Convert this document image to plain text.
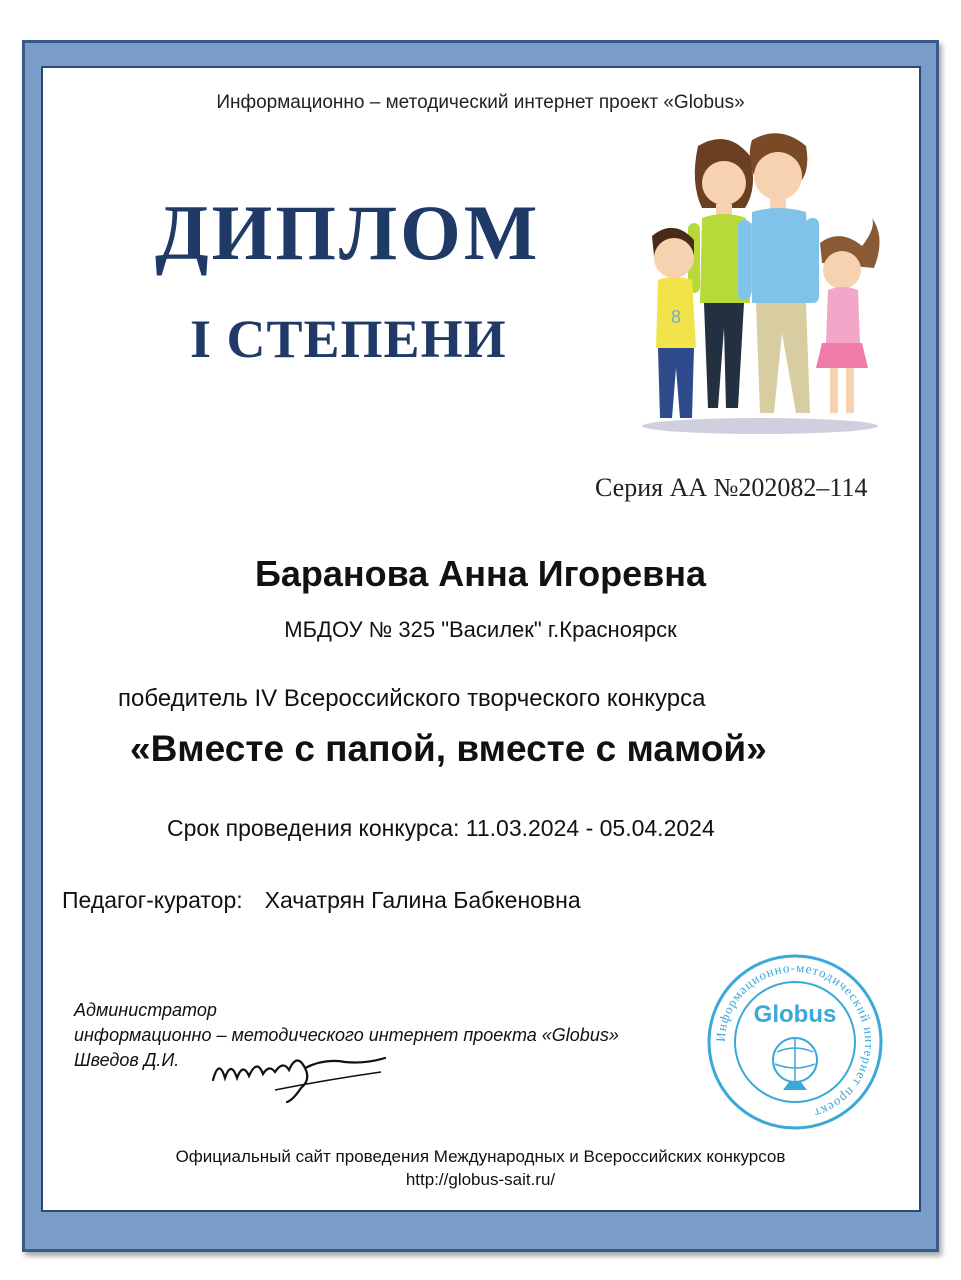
Информационно – методический интернет проект «Globus»
ДИПЛОМ
I СТЕПЕНИ	8
Серия АА №202082–114
Баранова Анна Игоревна
МБДОУ № 325 "Василек" г.Красноярск
победитель IV Всероссийского творческого конкурса
«Вместе с папой, вместе с мамой»
Срок проведения конкурса: 11.03.2024 - 05.04.2024
Педагог-куратор: Хачатрян Галина Бабкеновна
Администратор
информационно – методического интернет проекта «Globus»
Шведов Д.И.
Информационно-методический интернет проект
Globus
Официальный сайт проведения Международных и Всероссийских конкурсов
http://globus-sait.ru/
